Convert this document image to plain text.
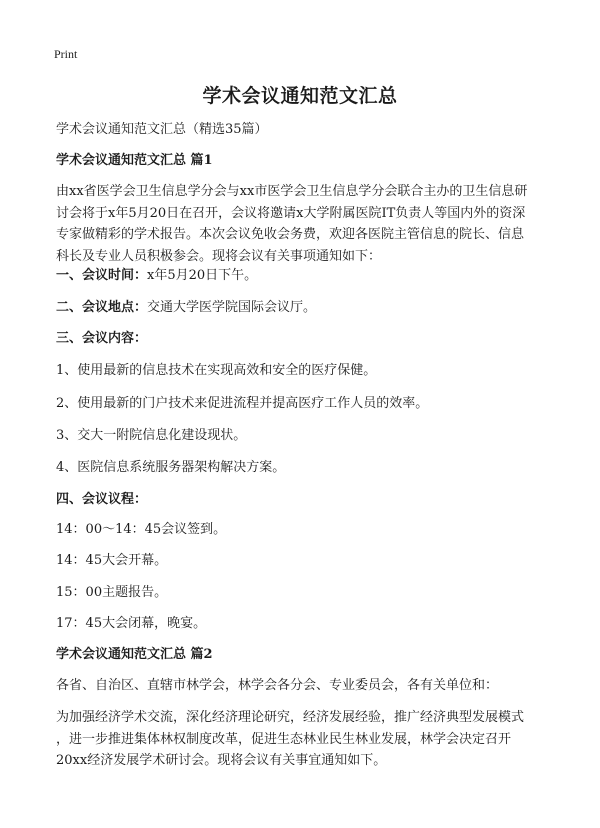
Print
学术会议通知范文汇总

学术会议通知范文汇总（精选35篇）

学术会议通知范文汇总 篇1

由xx省医学会卫生信息学分会与xx市医学会卫生信息学分会联合主办的卫生信息研
讨会将于x年5月20日在召开，会议将邀请x大学附属医院IT负责人等国内外的资深
专家做精彩的学术报告。本次会议免收会务费，欢迎各医院主管信息的院长、信息
科长及专业人员积极参会。现将会议有关事项通知如下：

一、会议时间：x年5月20日下午。

二、会议地点：交通大学医学院国际会议厅。

三、会议内容：

1、使用最新的信息技术在实现高效和安全的医疗保健。

2、使用最新的门户技术来促进流程并提高医疗工作人员的效率。

3、交大一附院信息化建设现状。

4、医院信息系统服务器架构解决方案。

四、会议议程：

14：00～14：45会议签到。

14：45大会开幕。

15：00主题报告。

17：45大会闭幕，晚宴。

学术会议通知范文汇总 篇2

各省、自治区、直辖市林学会，林学会各分会、专业委员会，各有关单位和：

为加强经济学术交流，深化经济理论研究，经济发展经验，推广经济典型发展模式
，进一步推进集体林权制度改革，促进生态林业民生林业发展，林学会决定召开
20xx经济发展学术研讨会。现将会议有关事宜通知如下。
